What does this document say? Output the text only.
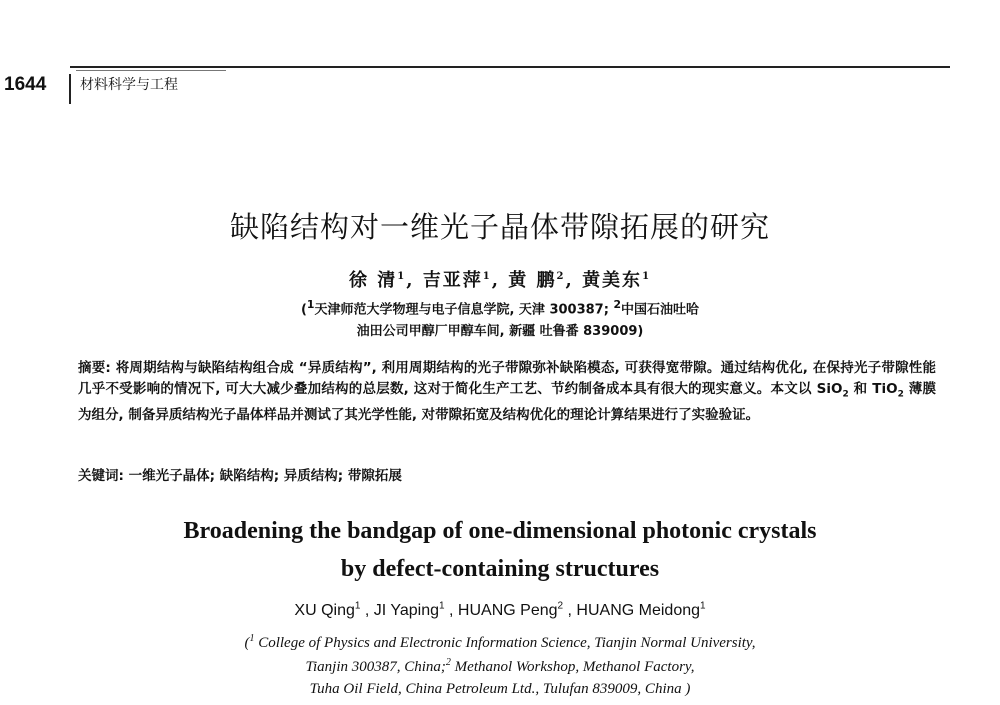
1644 材料科学与工程
缺陷结构对一维光子晶体带隙拓展的研究
徐 清$^1$, 吉亚萍$^1$, 黄 鹏$^2$, 黄美东$^1$
($^1$天津师范大学物理与电子信息学院, 天津 300387; $^2$中国石油吐哈
油田公司甲醇厂甲醇车间, 新疆 吐鲁番 839009)
摘要: 将周期结构与缺陷结构组合成 “异质结构”, 利用周期结构的光子带隙弥补缺陷模态, 可获得宽带隙。通过结构优化, 在保持光子带隙性能几乎不受影响的情况下, 可大大减少叠加结构的总层数, 这对于简化生产工艺、节约制备成本具有很大的现实意义。本文以 SiO$_2$ 和 TiO$_2$ 薄膜为组分, 制备异质结构光子晶体样品并测试了其光学性能, 对带隙拓宽及结构优化的理论计算结果进行了实验验证。
关键词: 一维光子晶体; 缺陷结构; 异质结构; 带隙拓展
Broadening the bandgap of one-dimensional photonic crystals
by defect-containing structures
XU Qing$^1$ , JI Yaping$^1$ , HUANG Peng$^2$ , HUANG Meidong$^1$
($^1$ College of Physics and Electronic Information Science, Tianjin Normal University,
Tianjin 300387, China;$^2$ Methanol Workshop, Methanol Factory,
Tuha Oil Field, China Petroleum Ltd., Tulufan 839009, China )
